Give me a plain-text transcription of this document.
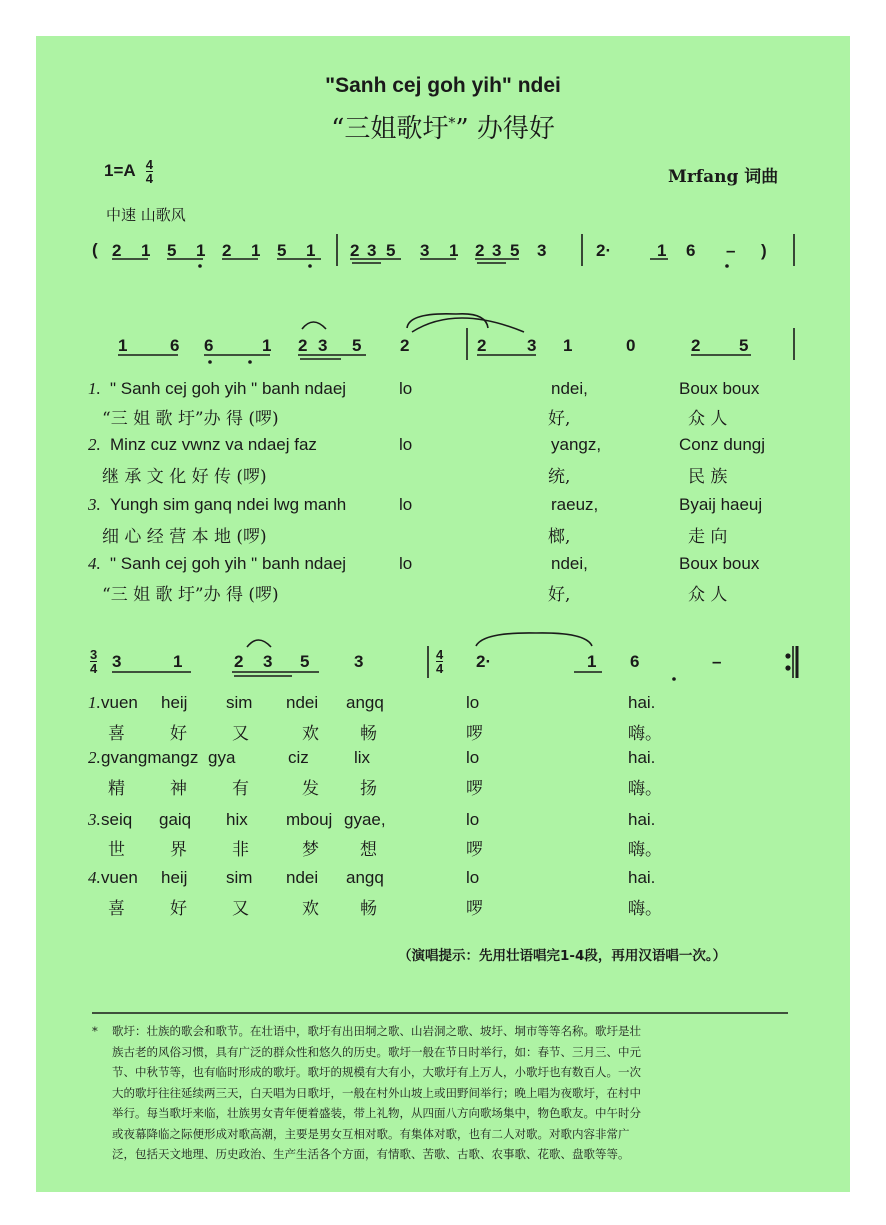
"Sanh cej goh yih" ndei
“三姐歌圩*” 办得好
$1=A \frac{4}{4}$	Mrfang 词曲
中速 山歌风
( 2 1 5 1 2 1 5 1 2 3 5 3 1 2 3 5 3	2·	1 6 – )
1	6 6	1 2 3 5 2	2 3 1	0	2 5
1. " Sanh cej goh yih " banh ndaej	lo	ndei,	Boux boux
“三 姐 歌 圩”办 得 (啰)	好,	众 人
2. Minz cuz vwnz va ndaej faz	lo	yangz,	Conz dungj
继 承 文 化 好 传 (啰)	统,	民 族
3. Yungh sim ganq ndei lwg manh	lo	raeuz,	Byaij haeuj
细 心 经 营 本 地 (啰)	榔,	走 向
4. " Sanh cej goh yih " banh ndaej	lo	ndei,	Boux boux
“三 姐 歌 圩”办 得 (啰)	好,	众 人
$\frac{3}{4}$	$\frac{4}{4}$
3	1	2 3 5	3	2·	1 6	–
1. vuen heij sim ndei angq	lo	hai.
喜	好	又	欢 畅	啰	嗨。
2. gvangmangz gya	ciz	lix	lo	hai.
精	神	有	发 扬	啰	嗨。
3. seiq gaiq hix mbouj gyae,	lo	hai.
世	界	非	梦 想	啰	嗨。
4. vuen heij sim ndei angq	lo	hai.
喜	好	又	欢 畅	啰	嗨。
（演唱提示：先用壮语唱完1-4段，再用汉语唱一次。）
* 歌圩：壮族的歌会和歌节。在壮语中，歌圩有出田垌之歌、山岩洞之歌、坡圩、垌市等等名称。歌圩是壮
族古老的风俗习惯，具有广泛的群众性和悠久的历史。歌圩一般在节日时举行，如：春节、三月三、中元
节、中秋节等，也有临时形成的歌圩。歌圩的规模有大有小，大歌圩有上万人，小歌圩也有数百人。一次
大的歌圩往往延续两三天，白天唱为日歌圩，一般在村外山坡上或田野间举行；晚上唱为夜歌圩，在村中
举行。每当歌圩来临，壮族男女青年便着盛装，带上礼物，从四面八方向歌场集中，物色歌友。中午时分
或夜幕降临之际便形成对歌高潮，主要是男女互相对歌。有集体对歌，也有二人对歌。对歌内容非常广
泛，包括天文地理、历史政治、生产生活各个方面，有情歌、苦歌、古歌、农事歌、花歌、盘歌等等。
